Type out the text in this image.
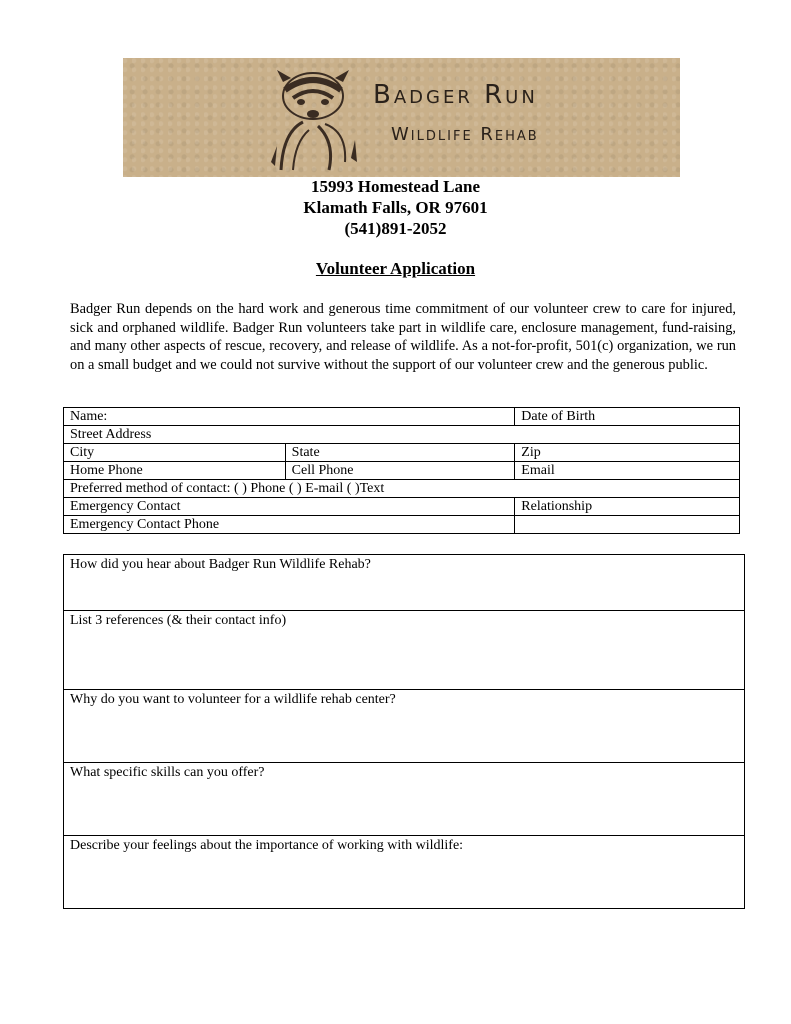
Badger Run
Wildlife Rehab
15993 Homestead Lane
Klamath Falls, OR 97601
(541)891-2052
Volunteer Application
Badger Run depends on the hard work and generous time commitment of our volunteer crew to care for injured, sick and orphaned wildlife. Badger Run volunteers take part in wildlife care, enclosure management, fund-raising, and many other aspects of rescue, recovery, and release of wildlife. As a not-for-profit, 501(c) organization, we run on a small budget and we could not survive without the support of our volunteer crew and the generous public.
Name:		Date of Birth
Street Address		
City	State	Zip
Home Phone	Cell Phone	Email
Preferred method of contact: ( ) Phone ( ) E-mail ( )Text		
Emergency Contact		Relationship
Emergency Contact Phone		
How did you hear about Badger Run Wildlife Rehab?
List 3 references (& their contact info)
Why do you want to volunteer for a wildlife rehab center?
What specific skills can you offer?
Describe your feelings about the importance of working with wildlife:
